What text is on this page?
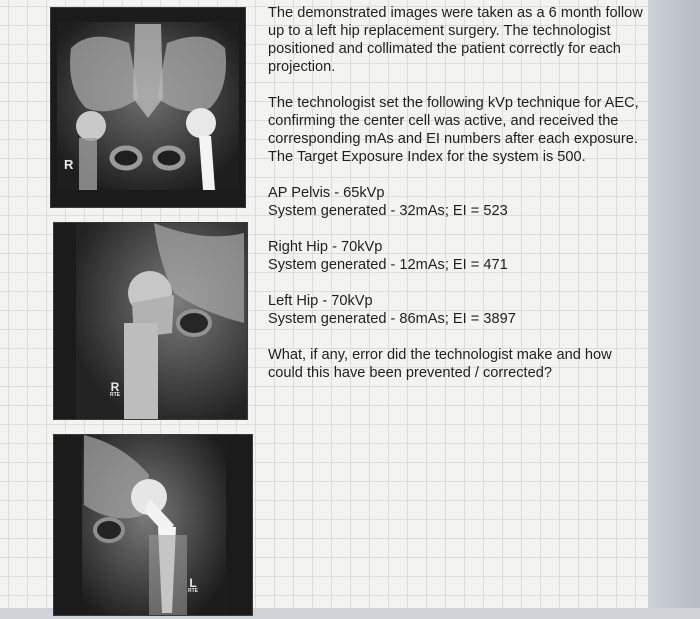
R
R
RTE
L
RTE

The demonstrated images were taken as a 6 month follow up to a left hip replacement surgery. The technologist positioned and collimated the patient correctly for each projection.

The technologist set the following kVp technique for AEC, confirming the center cell was active, and received the corresponding mAs and EI numbers after each exposure. The Target Exposure Index for the system is 500.

AP Pelvis - 65kVp

System generated - 32mAs; EI = 523

Right Hip - 70kVp

System generated - 12mAs; EI = 471

Left Hip - 70kVp

System generated - 86mAs; EI = 3897

What, if any, error did the technologist make and how could this have been prevented / corrected?
